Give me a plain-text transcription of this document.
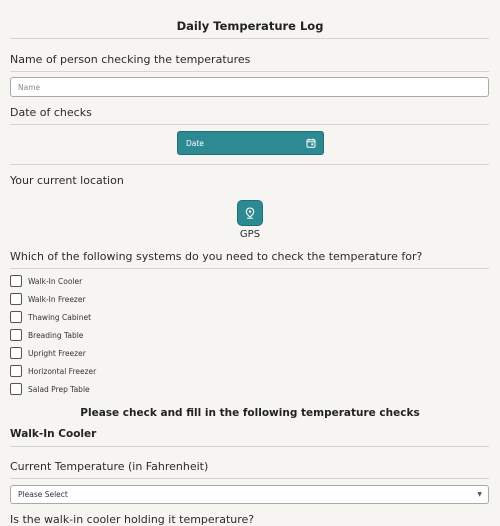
Daily Temperature Log
Name of person checking the temperatures
Name
Date of checks
Date
Your current location
GPS
Which of the following systems do you need to check the temperature for?
Walk-In Cooler
Walk-In Freezer
Thawing Cabinet
Breading Table
Upright Freezer
Horizontal Freezer
Salad Prep Table
Please check and fill in the following temperature checks
Walk-In Cooler
Current Temperature (in Fahrenheit)
Please Select	▼
Is the walk-in cooler holding it temperature?
